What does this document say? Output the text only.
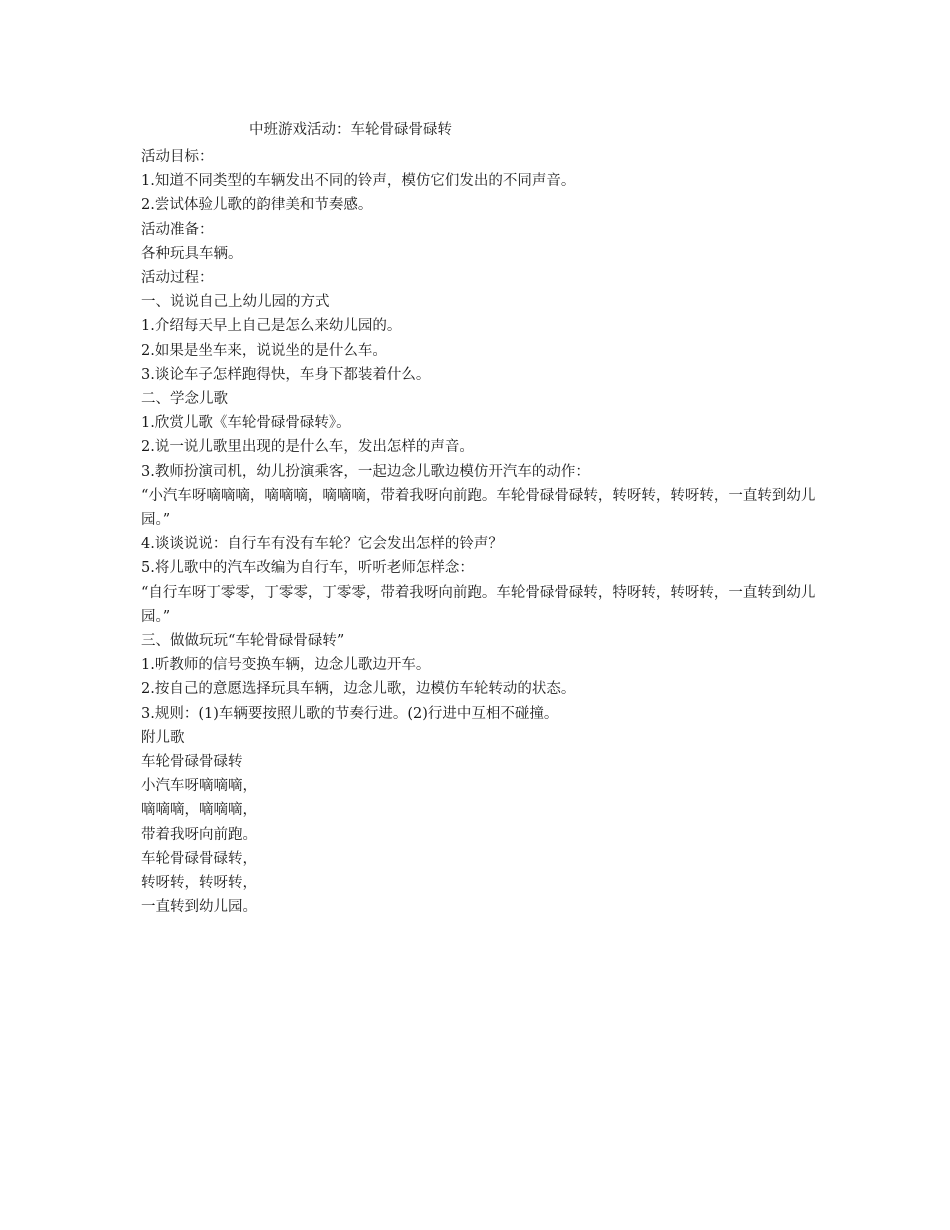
中班游戏活动：车轮骨碌骨碌转
活动目标：
1.知道不同类型的车辆发出不同的铃声，模仿它们发出的不同声音。
2.尝试体验儿歌的韵律美和节奏感。
活动准备：
各种玩具车辆。
活动过程：
一、说说自己上幼儿园的方式
1.介绍每天早上自己是怎么来幼儿园的。
2.如果是坐车来，说说坐的是什么车。
3.谈论车子怎样跑得快，车身下都装着什么。
二、学念儿歌
1.欣赏儿歌《车轮骨碌骨碌转》。
2.说一说儿歌里出现的是什么车，发出怎样的声音。
3.教师扮演司机，幼儿扮演乘客，一起边念儿歌边模仿开汽车的动作：
“小汽车呀嘀嘀嘀，嘀嘀嘀，嘀嘀嘀，带着我呀向前跑。车轮骨碌骨碌转，转呀转，转呀转，一直转到幼儿园。”
4.谈谈说说：自行车有没有车轮？它会发出怎样的铃声？
5.将儿歌中的汽车改编为自行车，听听老师怎样念：
“自行车呀丁零零，丁零零，丁零零，带着我呀向前跑。车轮骨碌骨碌转，特呀转，转呀转，一直转到幼儿园。”
三、做做玩玩“车轮骨碌骨碌转”
1.听教师的信号变换车辆，边念儿歌边开车。
2.按自己的意愿选择玩具车辆，边念儿歌，边模仿车轮转动的状态。
3.规则：(1)车辆要按照儿歌的节奏行进。(2)行进中互相不碰撞。
附儿歌
车轮骨碌骨碌转
小汽车呀嘀嘀嘀，
嘀嘀嘀，嘀嘀嘀，
带着我呀向前跑。
车轮骨碌骨碌转，
转呀转，转呀转，
一直转到幼儿园。
